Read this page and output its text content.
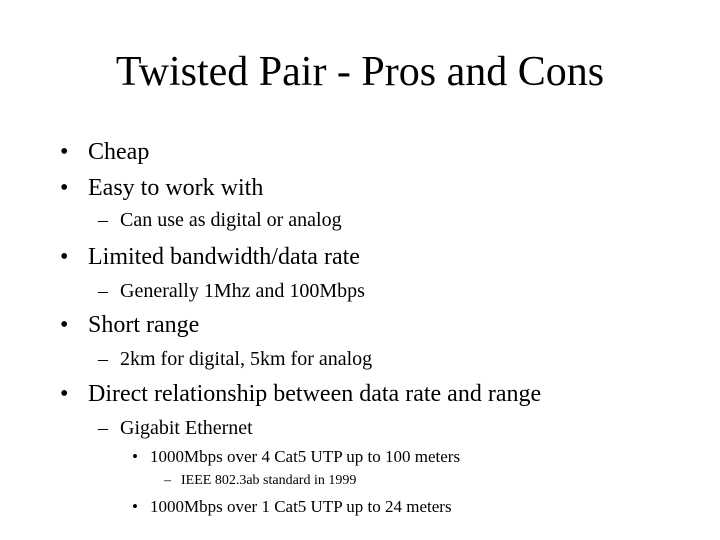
Twisted Pair - Pros and Cons
• Cheap
• Easy to work with
– Can use as digital or analog
• Limited bandwidth/data rate
– Generally 1Mhz and 100Mbps
• Short range
– 2km for digital, 5km for analog
• Direct relationship between data rate and range
– Gigabit Ethernet
• 1000Mbps over 4 Cat5 UTP up to 100 meters
– IEEE 802.3ab standard in 1999
• 1000Mbps over 1 Cat5 UTP up to 24 meters
